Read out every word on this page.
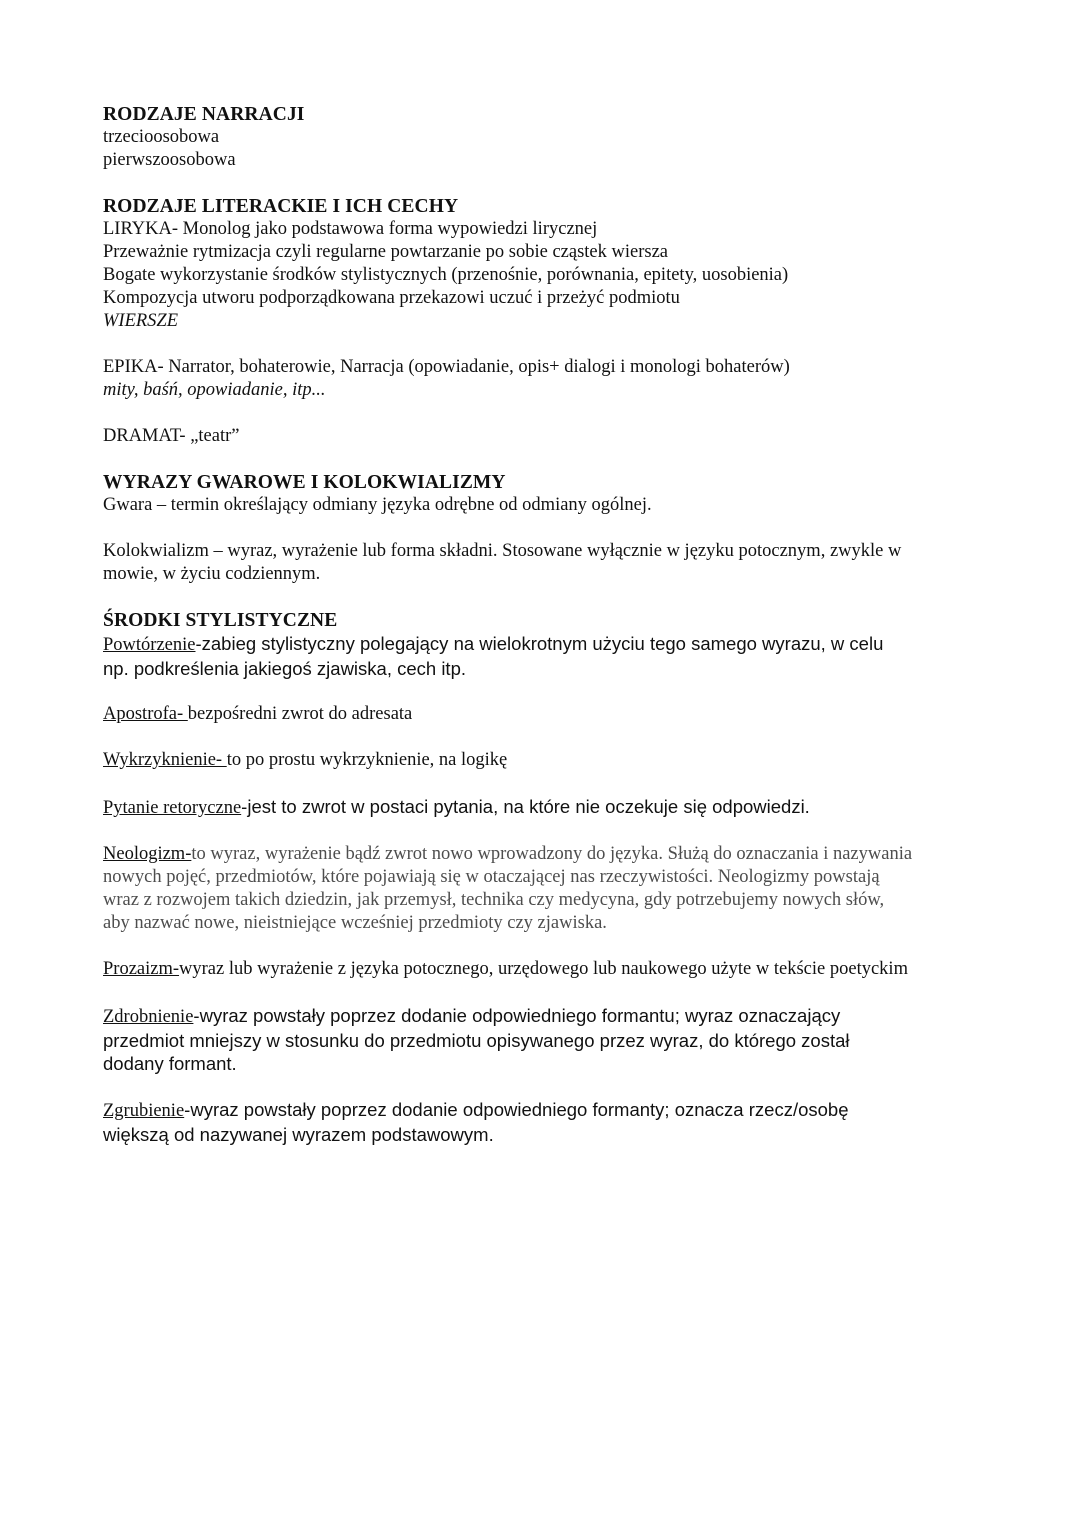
RODZAJE NARRACJI
trzecioosobowa
pierwszoosobowa
RODZAJE LITERACKIE I ICH CECHY
LIRYKA- Monolog jako podstawowa forma wypowiedzi lirycznej
Przeważnie rytmizacja czyli regularne powtarzanie po sobie cząstek wiersza
Bogate wykorzystanie środków stylistycznych (przenośnie, porównania, epitety, uosobienia)
Kompozycja utworu podporządkowana przekazowi uczuć i przeżyć podmiotu
WIERSZE
EPIKA- Narrator, bohaterowie, Narracja (opowiadanie, opis+ dialogi i monologi bohaterów)
mity, baśń, opowiadanie, itp...
DRAMAT- „teatr”
WYRAZY GWAROWE I KOLOKWIALIZMY
Gwara – termin określający odmiany języka odrębne od odmiany ogólnej.
Kolokwializm – wyraz, wyrażenie lub forma składni. Stosowane wyłącznie w języku potocznym, zwykle w
mowie, w życiu codziennym.
ŚRODKI STYLISTYCZNE
Powtórzenie-zabieg stylistyczny polegający na wielokrotnym użyciu tego samego wyrazu, w celu
np. podkreślenia jakiegoś zjawiska, cech itp.
Apostrofa- bezpośredni zwrot do adresata
Wykrzyknienie- to po prostu wykrzyknienie, na logikę
Pytanie retoryczne-jest to zwrot w postaci pytania, na które nie oczekuje się odpowiedzi.
Neologizm-to wyraz, wyrażenie bądź zwrot nowo wprowadzony do języka. Służą do oznaczania i nazywania
nowych pojęć, przedmiotów, które pojawiają się w otaczającej nas rzeczywistości. Neologizmy powstają
wraz z rozwojem takich dziedzin, jak przemysł, technika czy medycyna, gdy potrzebujemy nowych słów,
aby nazwać nowe, nieistniejące wcześniej przedmioty czy zjawiska.
Prozaizm-wyraz lub wyrażenie z języka potocznego, urzędowego lub naukowego użyte w tekście poetyckim
Zdrobnienie-wyraz powstały poprzez dodanie odpowiedniego formantu; wyraz oznaczający
przedmiot mniejszy w stosunku do przedmiotu opisywanego przez wyraz, do którego został
dodany formant.
Zgrubienie-wyraz powstały poprzez dodanie odpowiedniego formanty; oznacza rzecz/osobę
większą od nazywanej wyrazem podstawowym.
